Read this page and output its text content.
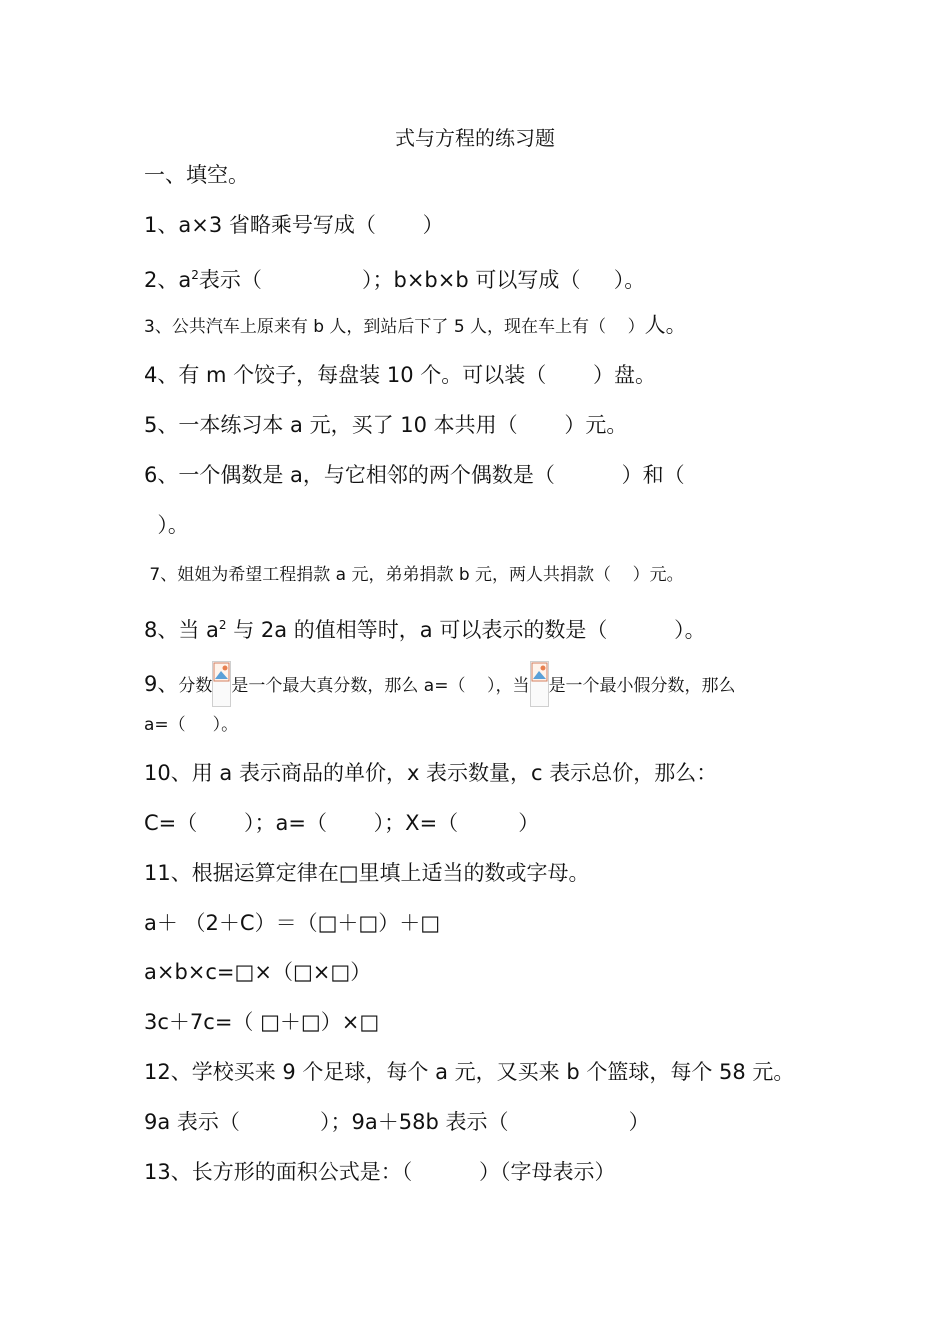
式与方程的练习题
一、填空。
1、a×3 省略乘号写成（       ）
2、$a^2$表示（               ）；b×b×b 可以写成（     ）。
3、公共汽车上原来有 b 人，到站后下了 5 人，现在车上有（    ）人。
4、有 m 个饺子，每盘装 10 个。可以装（       ）盘。
5、一本练习本 a 元，买了 10 本共用（       ）元。
6、一个偶数是 a，与它相邻的两个偶数是（          ）和（
）。
7、姐姐为希望工程捐款 a 元，弟弟捐款 b 元，两人共捐款（    ）元。
8、当 $a^2$ 与 2a 的值相等时，a 可以表示的数是（          ）。
9、分数 是一个最大真分数，那么 a=（    ），当 是一个最小假分数，那么
a=（     ）。
10、用 a 表示商品的单价，x 表示数量，c 表示总价，那么：
C=（       ）；a=（       ）；X=（         ）
11、根据运算定律在□里填上适当的数或字母。
a＋ （2＋C）＝（□＋□）＋□
a×b×c=□×（□×□）
3c＋7c=（ □＋□）×□
12、学校买来 9 个足球，每个 a 元，又买来 b 个篮球，每个 58 元。
9a 表示（            ）；9a＋58b 表示（                  ）
13、长方形的面积公式是：（          ）（字母表示）
